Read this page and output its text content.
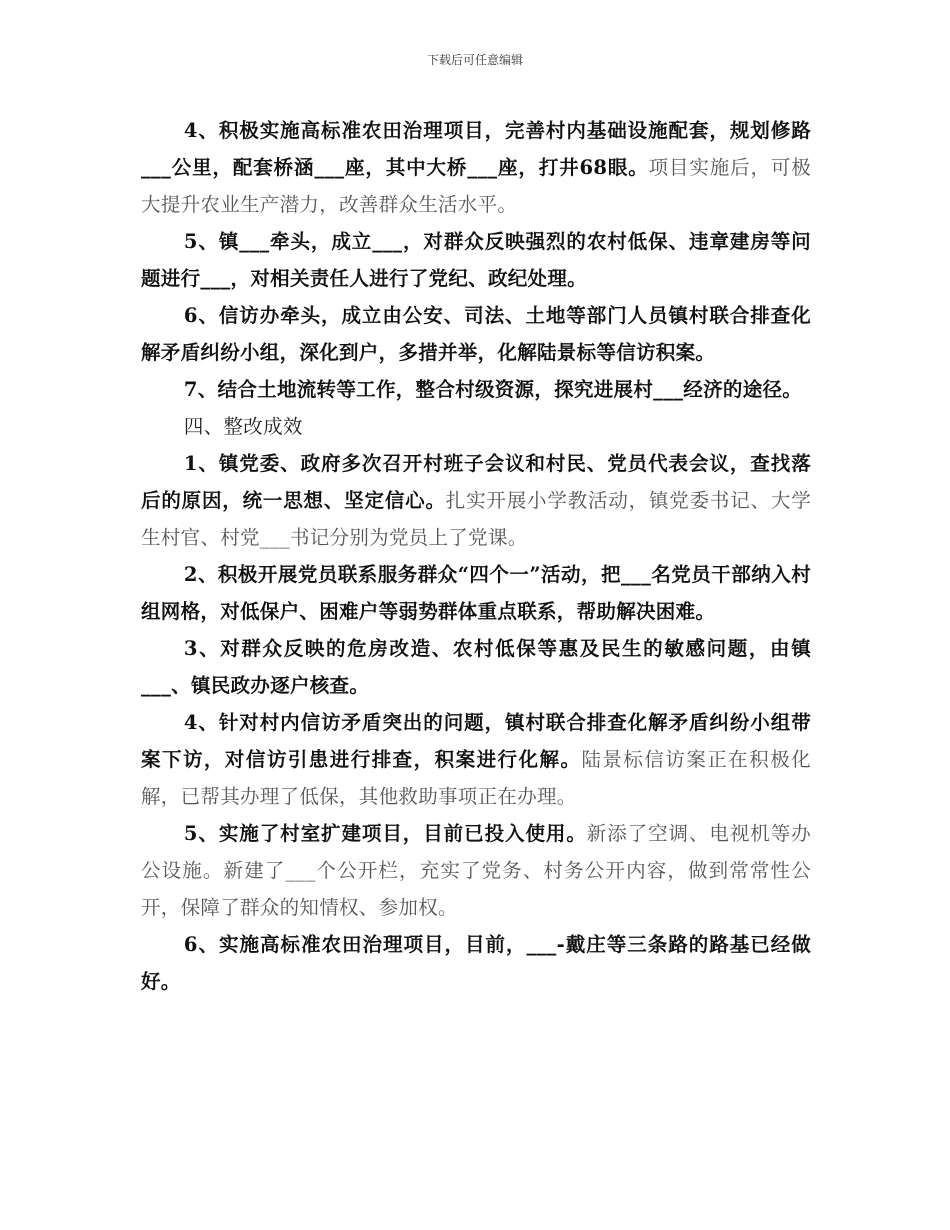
下载后可任意编辑

4、积极实施高标准农田治理项目，完善村内基础设施配套，规划修路___公里，配套桥涵___座，其中大桥___座，打井68眼。项目实施后，可极大提升农业生产潜力，改善群众生活水平。

5、镇___牵头，成立___，对群众反映强烈的农村低保、违章建房等问题进行___，对相关责任人进行了党纪、政纪处理。

6、信访办牵头，成立由公安、司法、土地等部门人员镇村联合排查化解矛盾纠纷小组，深化到户，多措并举，化解陆景标等信访积案。

7、结合土地流转等工作，整合村级资源，探究进展村___经济的途径。

四、整改成效

1、镇党委、政府多次召开村班子会议和村民、党员代表会议，查找落后的原因，统一思想、坚定信心。扎实开展小学教活动，镇党委书记、大学生村官、村党___书记分别为党员上了党课。

2、积极开展党员联系服务群众“四个一”活动，把___名党员干部纳入村组网格，对低保户、困难户等弱势群体重点联系，帮助解决困难。

3、对群众反映的危房改造、农村低保等惠及民生的敏感问题，由镇___、镇民政办逐户核查。

4、针对村内信访矛盾突出的问题，镇村联合排查化解矛盾纠纷小组带案下访，对信访引患进行排查，积案进行化解。陆景标信访案正在积极化解，已帮其办理了低保，其他救助事项正在办理。

5、实施了村室扩建项目，目前已投入使用。新添了空调、电视机等办公设施。新建了___个公开栏，充实了党务、村务公开内容，做到常常性公开，保障了群众的知情权、参加权。

6、实施高标准农田治理项目，目前，___-戴庄等三条路的路基已经做好。
